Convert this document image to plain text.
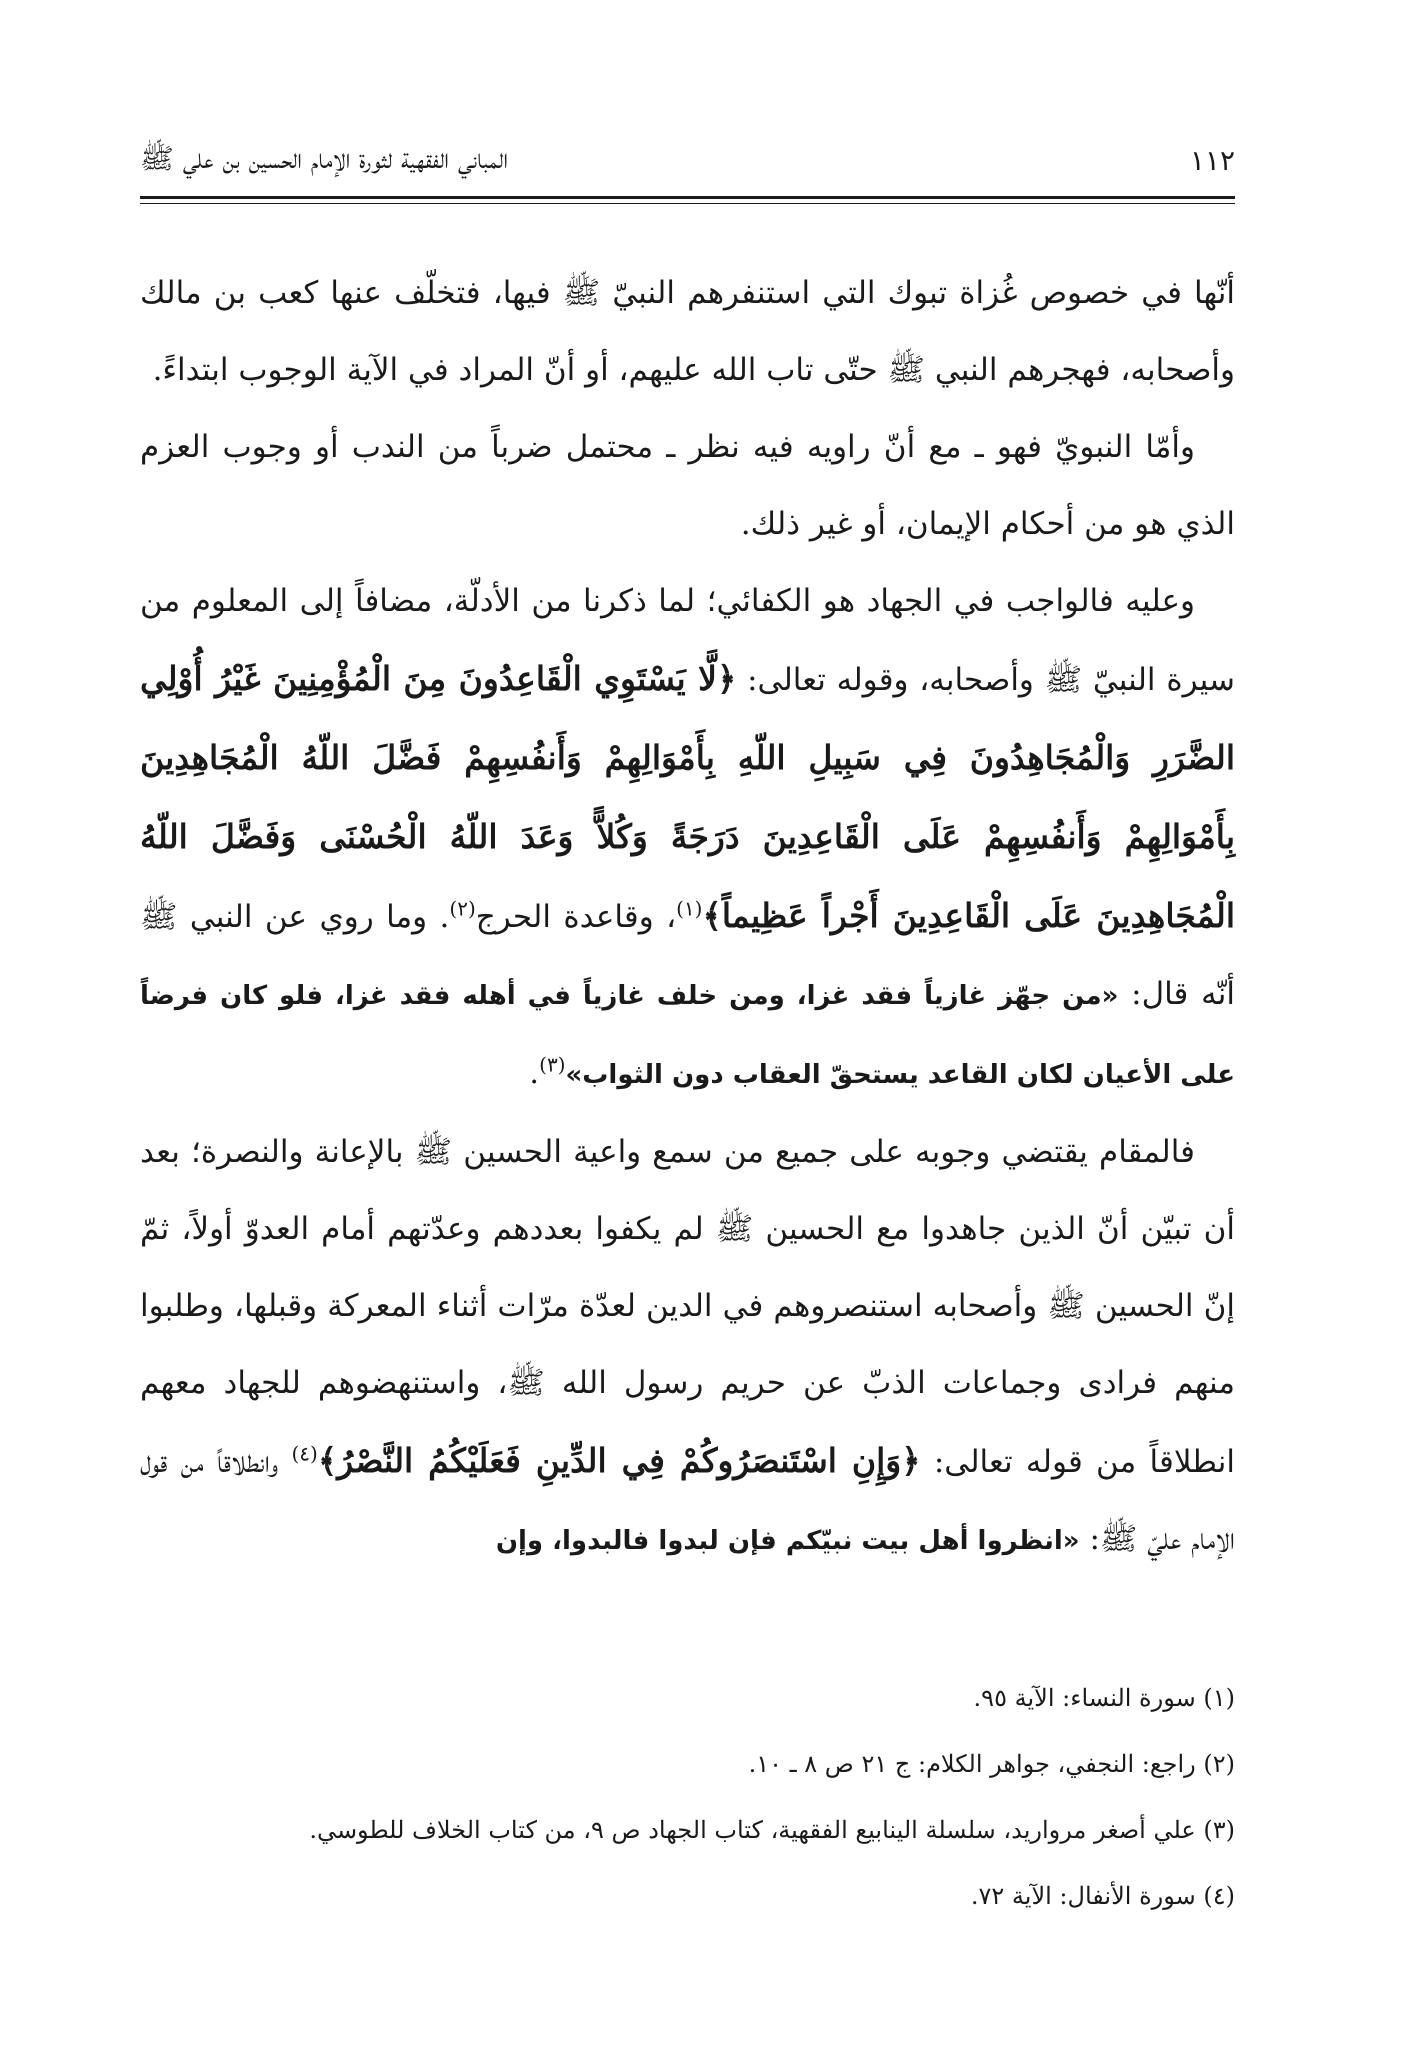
١١٢
المباني الفقهية لثورة الإمام الحسين بن علي ﷺ

أنّها في خصوص غُزاة تبوك التي استنفرهم النبيّ ﷺ فيها، فتخلّف عنها كعب بن مالك وأصحابه، فهجرهم النبي ﷺ حتّى تاب الله عليهم، أو أنّ المراد في الآية الوجوب ابتداءً.

وأمّا النبويّ فهو ـ مع أنّ راويه فيه نظر ـ محتمل ضرباً من الندب أو وجوب العزم الذي هو من أحكام الإيمان، أو غير ذلك.

وعليه فالواجب في الجهاد هو الكفائي؛ لما ذكرنا من الأدلّة، مضافاً إلى المعلوم من سيرة النبيّ ﷺ وأصحابه، وقوله تعالى: ﴿لَّا يَسْتَوِي الْقَاعِدُونَ مِنَ الْمُؤْمِنِينَ غَيْرُ أُوْلِي الضَّرَرِ وَالْمُجَاهِدُونَ فِي سَبِيلِ اللّهِ بِأَمْوَالِهِمْ وَأَنفُسِهِمْ فَضَّلَ اللّهُ الْمُجَاهِدِينَ بِأَمْوَالِهِمْ وَأَنفُسِهِمْ عَلَى الْقَاعِدِينَ دَرَجَةً وَكُلاًّ وَعَدَ اللّهُ الْحُسْنَى وَفَضَّلَ اللّهُ الْمُجَاهِدِينَ عَلَى الْقَاعِدِينَ أَجْراً عَظِيماً﴾$^{(١)}$، وقاعدة الحرج$^{(٢)}$. وما روي عن النبي ﷺ أنّه قال: «من جهّز غازياً فقد غزا، ومن خلف غازياً في أهله فقد غزا، فلو كان فرضاً على الأعيان لكان القاعد يستحقّ العقاب دون الثواب»$^{(٣)}$.

فالمقام يقتضي وجوبه على جميع من سمع واعية الحسين ﷺ بالإعانة والنصرة؛ بعد أن تبيّن أنّ الذين جاهدوا مع الحسين ﷺ لم يكفوا بعددهم وعدّتهم أمام العدوّ أولاً، ثمّ إنّ الحسين ﷺ وأصحابه استنصروهم في الدين لعدّة مرّات أثناء المعركة وقبلها، وطلبوا منهم فرادى وجماعات الذبّ عن حريم رسول الله ﷺ، واستنهضوهم للجهاد معهم انطلاقاً من قوله تعالى: ﴿وَإِنِ اسْتَنصَرُوكُمْ فِي الدِّينِ فَعَلَيْكُمُ النَّصْرُ﴾$^{(٤)}$ وانطلاقاً من قول الإمام عليّ ﷺ: «انظروا أهل بيت نبيّكم فإن لبدوا فالبدوا، وإن

(١) سورة النساء: الآية ٩٥.

(٢) راجع: النجفي، جواهر الكلام: ج ٢١ ص ٨ ـ ١٠.

(٣) علي أصغر مرواريد، سلسلة الينابيع الفقهية، كتاب الجهاد ص ٩، من كتاب الخلاف للطوسي.

(٤) سورة الأنفال: الآية ٧٢.
